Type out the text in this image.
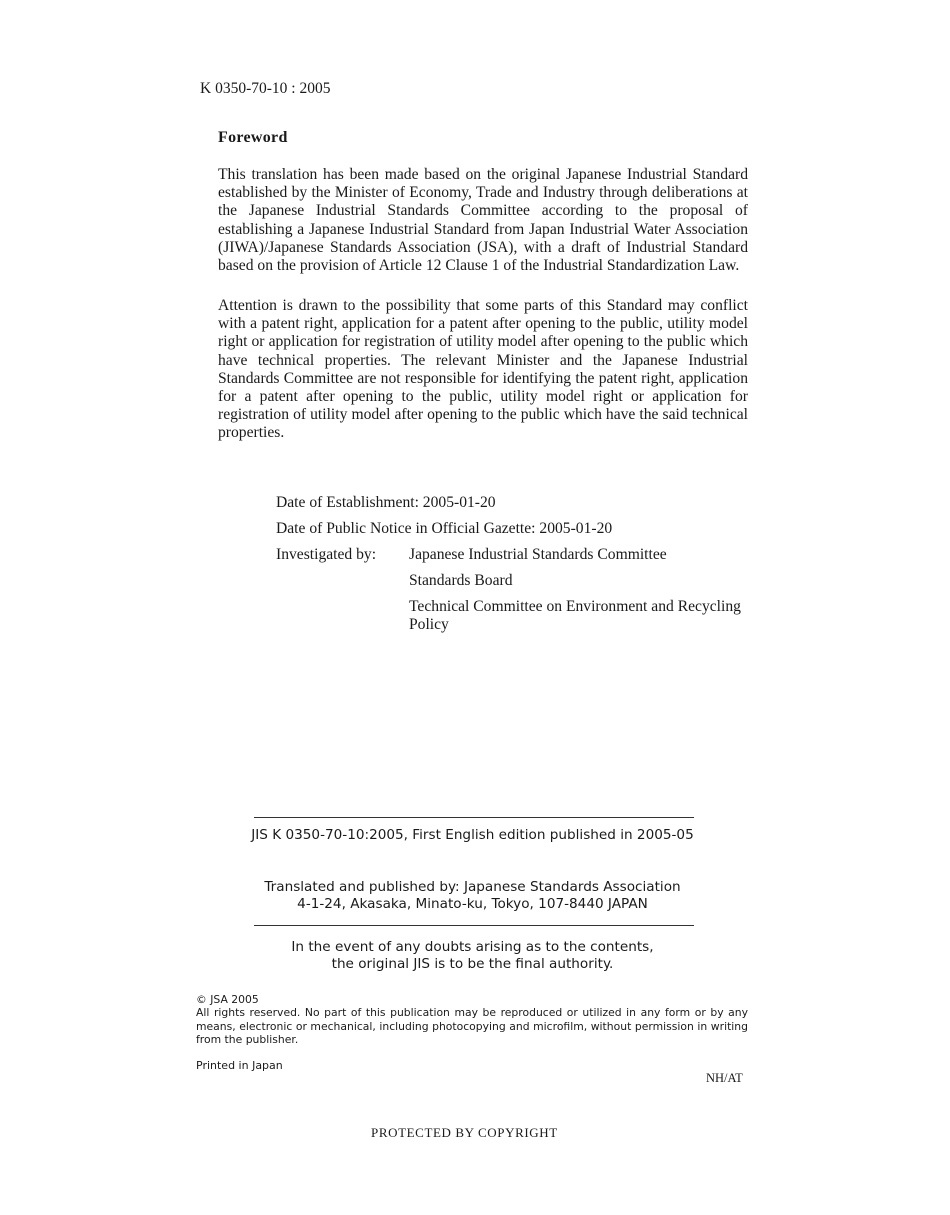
K 0350-70-10 : 2005
Foreword

This translation has been made based on the original Japanese Industrial Standard established by the Minister of Economy, Trade and Industry through deliberations at the Japanese Industrial Standards Committee according to the proposal of establishing a Japanese Industrial Standard from Japan Industrial Water Association (JIWA)/Japanese Standards Association (JSA), with a draft of Industrial Standard based on the provision of Article 12 Clause 1 of the Industrial Standardization Law.

Attention is drawn to the possibility that some parts of this Standard may conflict with a patent right, application for a patent after opening to the public, utility model right or application for registration of utility model after opening to the public which have technical properties. The relevant Minister and the Japanese Industrial Standards Committee are not responsible for identifying the patent right, application for a patent after opening to the public, utility model right or application for registration of utility model after opening to the public which have the said technical properties.

Date of Establishment: 2005-01-20
Date of Public Notice in Official Gazette: 2005-01-20
Investigated by: Japanese Industrial Standards Committee
Standards Board
Technical Committee on Environment and Recycling Policy
JIS K 0350-70-10:2005, First English edition published in 2005-05
Translated and published by: Japanese Standards Association
4-1-24, Akasaka, Minato-ku, Tokyo, 107-8440 JAPAN
In the event of any doubts arising as to the contents,
the original JIS is to be the final authority.
© JSA 2005
All rights reserved. No part of this publication may be reproduced or utilized in any form or by any means, electronic or mechanical, including photocopying and microfilm, without permission in writing from the publisher.
Printed in Japan
NH/AT
PROTECTED BY COPYRIGHT
